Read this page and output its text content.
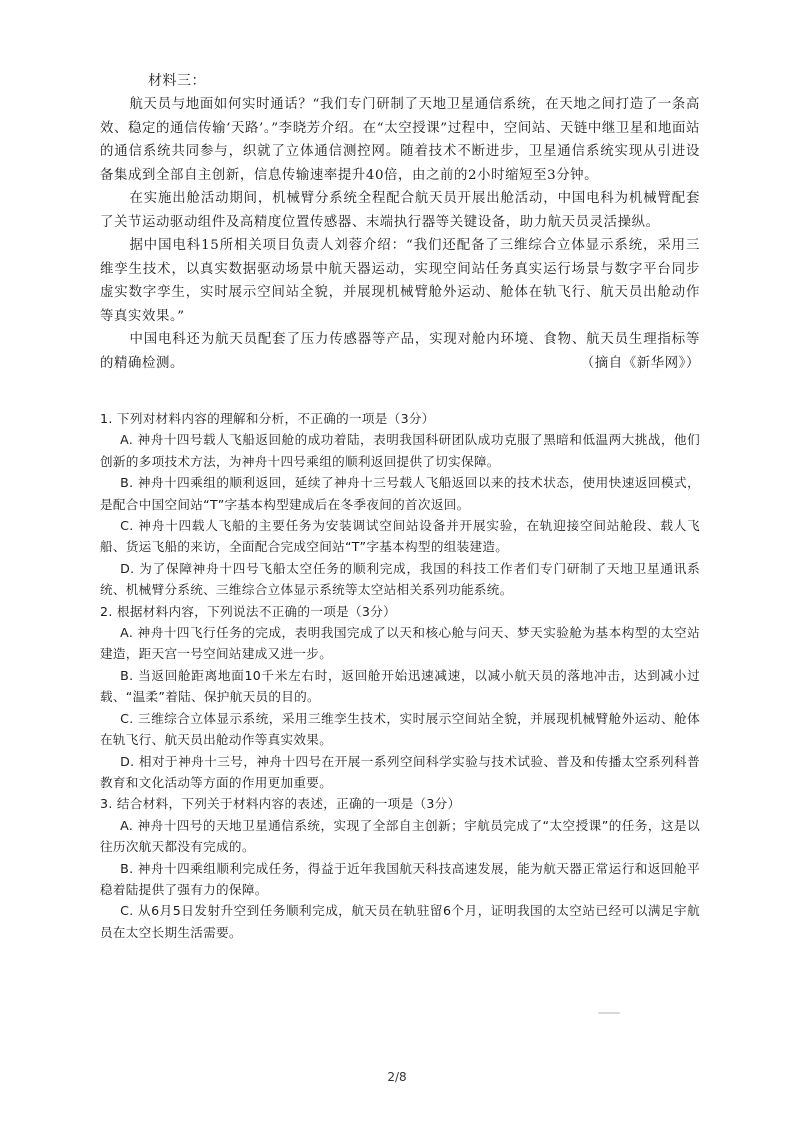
材料三：

航天员与地面如何实时通话？“我们专门研制了天地卫星通信系统，在天地之间打造了一条高效、稳定的通信传输‘天路’。”李晓芳介绍。在“太空授课”过程中，空间站、天链中继卫星和地面站的通信系统共同参与，织就了立体通信测控网。随着技术不断进步，卫星通信系统实现从引进设备集成到全部自主创新，信息传输速率提升40倍，由之前的2小时缩短至3分钟。

在实施出舱活动期间，机械臂分系统全程配合航天员开展出舱活动，中国电科为机械臂配套了关节运动驱动组件及高精度位置传感器、末端执行器等关键设备，助力航天员灵活操纵。

据中国电科15所相关项目负责人刘蓉介绍：“我们还配备了三维综合立体显示系统，采用三维孪生技术，以真实数据驱动场景中航天器运动，实现空间站任务真实运行场景与数字平台同步虚实数字孪生，实时展示空间站全貌，并展现机械臂舱外运动、舱体在轨飞行、航天员出舱动作等真实效果。”

中国电科还为航天员配套了压力传感器等产品，实现对舱内环境、食物、航天员生理指标等的精确检测。	（摘自《新华网》）

1. 下列对材料内容的理解和分析，不正确的一项是（3分）

A. 神舟十四号载人飞船返回舱的成功着陆，表明我国科研团队成功克服了黑暗和低温两大挑战，他们创新的多项技术方法，为神舟十四号乘组的顺利返回提供了切实保障。

B. 神舟十四乘组的顺利返回，延续了神舟十三号载人飞船返回以来的技术状态，使用快速返回模式，是配合中国空间站“T”字基本构型建成后在冬季夜间的首次返回。

C. 神舟十四载人飞船的主要任务为安装调试空间站设备并开展实验，在轨迎接空间站舱段、载人飞船、货运飞船的来访，全面配合完成空间站“T”字基本构型的组装建造。

D. 为了保障神舟十四号飞船太空任务的顺利完成，我国的科技工作者们专门研制了天地卫星通讯系统、机械臂分系统、三维综合立体显示系统等太空站相关系列功能系统。

2. 根据材料内容，下列说法不正确的一项是（3分）

A. 神舟十四飞行任务的完成，表明我国完成了以天和核心舱与问天、梦天实验舱为基本构型的太空站建造，距天宫一号空间站建成又进一步。

B. 当返回舱距离地面10千米左右时，返回舱开始迅速减速，以减小航天员的落地冲击，达到减小过载、“温柔”着陆、保护航天员的目的。

C. 三维综合立体显示系统，采用三维孪生技术，实时展示空间站全貌，并展现机械臂舱外运动、舱体在轨飞行、航天员出舱动作等真实效果。

D. 相对于神舟十三号，神舟十四号在开展一系列空间科学实验与技术试验、普及和传播太空系列科普教育和文化活动等方面的作用更加重要。

3. 结合材料，下列关于材料内容的表述，正确的一项是（3分）

A. 神舟十四号的天地卫星通信系统，实现了全部自主创新；宇航员完成了“太空授课”的任务，这是以往历次航天都没有完成的。

B. 神舟十四乘组顺利完成任务，得益于近年我国航天科技高速发展，能为航天器正常运行和返回舱平稳着陆提供了强有力的保障。

C. 从6月5日发射升空到任务顺利完成，航天员在轨驻留6个月，证明我国的太空站已经可以满足宇航员在太空长期生活需要。

2/8
